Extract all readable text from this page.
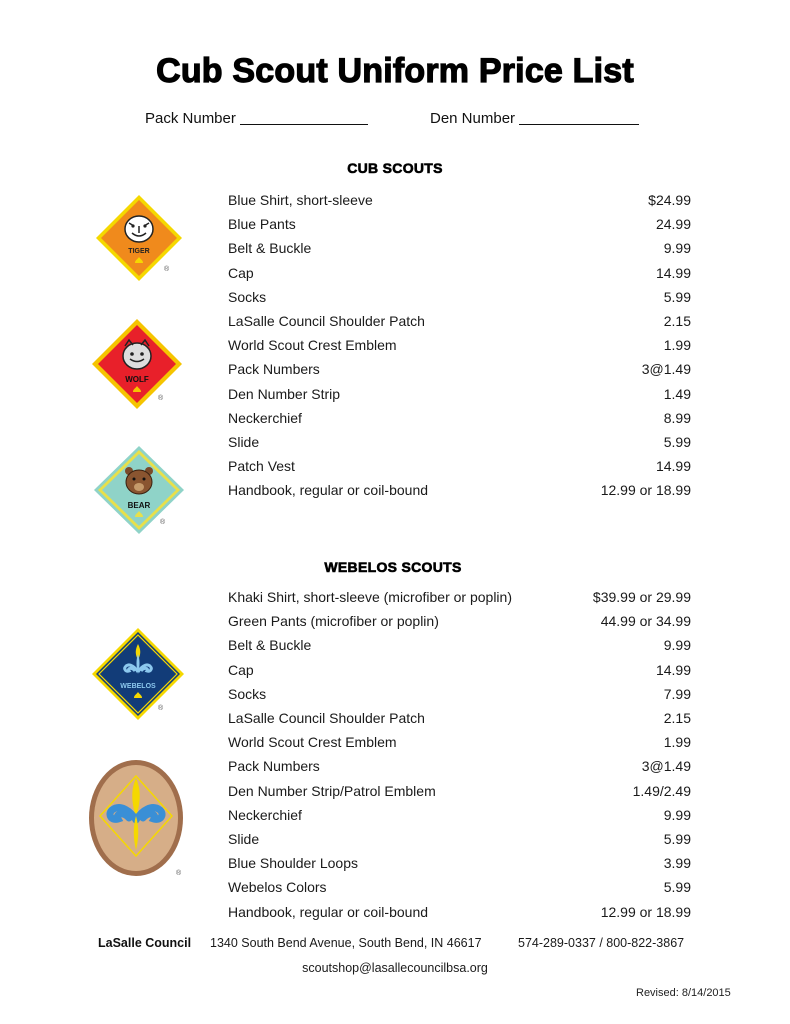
Cub Scout Uniform Price List
Pack Number	Den Number
CUB SCOUTS
TIGER
®
WOLF
®
BEAR
®
Blue Shirt, short-sleeve	$24.99
Blue Pants	24.99
Belt & Buckle	9.99
Cap	14.99
Socks	5.99
LaSalle Council Shoulder Patch	2.15
World Scout Crest Emblem	1.99
Pack Numbers	3@1.49
Den Number Strip	1.49
Neckerchief	8.99
Slide	5.99
Patch Vest	14.99
Handbook, regular or coil-bound	12.99 or 18.99
WEBELOS SCOUTS
WEBELOS
®
®
Khaki Shirt, short-sleeve (microfiber or poplin)	$39.99 or 29.99
Green Pants (microfiber or poplin)	44.99 or 34.99
Belt & Buckle	9.99
Cap	14.99
Socks	7.99
LaSalle Council Shoulder Patch	2.15
World Scout Crest Emblem	1.99
Pack Numbers	3@1.49
Den Number Strip/Patrol Emblem	1.49/2.49
Neckerchief	9.99
Slide	5.99
Blue Shoulder Loops	3.99
Webelos Colors	5.99
Handbook, regular or coil-bound	12.99 or 18.99
LaSalle Council 1340 South Bend Avenue, South Bend, IN 46617	574-289-0337 / 800-822-3867
scoutshop@lasallecouncilbsa.org
Revised: 8/14/2015
